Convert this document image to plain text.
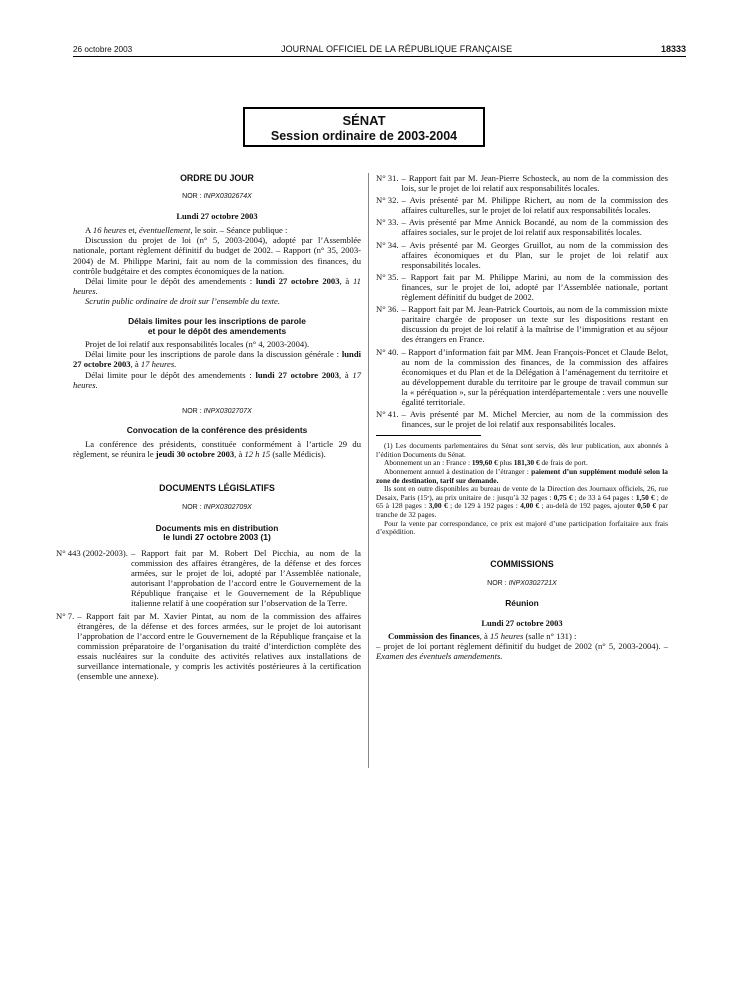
26 octobre 2003	JOURNAL OFFICIEL DE LA RÉPUBLIQUE FRANÇAISE	18333
SÉNAT
Session ordinaire de 2003-2004
ORDRE DU JOUR

NOR : INPX0302674X

Lundi 27 octobre 2003

A 16 heures et, éventuellement, le soir. – Séance publique :

Discussion du projet de loi (n° 5, 2003-2004), adopté par l’Assemblée nationale, portant règlement définitif du budget de 2002. – Rapport (n° 35, 2003-2004) de M. Philippe Marini, fait au nom de la commission des finances, du contrôle budgétaire et des comptes économiques de la nation.

Délai limite pour le dépôt des amendements : lundi 27 octobre 2003, à 11 heures.

Scrutin public ordinaire de droit sur l’ensemble du texte.

Délais limites pour les inscriptions de parole

et pour le dépôt des amendements

Projet de loi relatif aux responsabilités locales (n° 4, 2003-2004).

Délai limite pour les inscriptions de parole dans la discussion générale : lundi 27 octobre 2003, à 17 heures.

Délai limite pour le dépôt des amendements : lundi 27 octobre 2003, à 17 heures.

NOR : INPX0302707X

Convocation de la conférence des présidents

La conférence des présidents, constituée conformément à l’article 29 du règlement, se réunira le jeudi 30 octobre 2003, à 12 h 15 (salle Médicis).

DOCUMENTS LÉGISLATIFS

NOR : INPX0302709X

Documents mis en distribution

le lundi 27 octobre 2003 (1)

N° 443 (2002-2003). – Rapport fait par M. Robert Del Picchia, au nom de la commission des affaires étrangères, de la défense et des forces armées, sur le projet de loi, adopté par l’Assemblée nationale, autorisant l’approbation de l’accord entre le Gouvernement de la République française et le Gouvernement de la République italienne relatif à une coopération sur l’observation de la Terre.
N° 7. – Rapport fait par M. Xavier Pintat, au nom de la commission des affaires étrangères, de la défense et des forces armées, sur le projet de loi autorisant l’approbation de l’accord entre le Gouvernement de la République française et la commission préparatoire de l’organisation du traité d’interdiction complète des essais nucléaires sur la conduite des activités relatives aux installations de surveillance internationale, y compris les activités postérieures à la certification (ensemble une annexe).
N° 31. – Rapport fait par M. Jean-Pierre Schosteck, au nom de la commission des lois, sur le projet de loi relatif aux responsabilités locales.
N° 32. – Avis présenté par M. Philippe Richert, au nom de la commission des affaires culturelles, sur le projet de loi relatif aux responsabilités locales.
N° 33. – Avis présenté par Mme Annick Bocandé, au nom de la commission des affaires sociales, sur le projet de loi relatif aux responsabilités locales.
N° 34. – Avis présenté par M. Georges Gruillot, au nom de la commission des affaires économiques et du Plan, sur le projet de loi relatif aux responsabilités locales.
N° 35. – Rapport fait par M. Philippe Marini, au nom de la commission des finances, sur le projet de loi, adopté par l’Assemblée nationale, portant règlement définitif du budget de 2002.
N° 36. – Rapport fait par M. Jean-Patrick Courtois, au nom de la commission mixte paritaire chargée de proposer un texte sur les dispositions restant en discussion du projet de loi relatif à la maîtrise de l’immigration et au séjour des étrangers en France.
N° 40. – Rapport d’information fait par MM. Jean François-Poncet et Claude Belot, au nom de la commission des finances, de la commission des affaires économiques et du Plan et de la Délégation à l’aménagement du territoire et au développement durable du territoire par le groupe de travail commun sur la « péréquation », sur la péréquation interdépartementale : vers une nouvelle égalité territoriale.
N° 41. – Avis présenté par M. Michel Mercier, au nom de la commission des finances, sur le projet de loi relatif aux responsabilités locales.

(1) Les documents parlementaires du Sénat sont servis, dès leur publication, aux abonnés à l’édition Documents du Sénat.

Abonnement un an : France : 199,60 € plus 181,30 € de frais de port.

Abonnement annuel à destination de l’étranger : paiement d’un supplément modulé selon la zone de destination, tarif sur demande.

Ils sont en outre disponibles au bureau de vente de la Direction des Journaux officiels, 26, rue Desaix, Paris (15ᵉ), au prix unitaire de : jusqu’à 32 pages : 0,75 € ; de 33 à 64 pages : 1,50 € ; de 65 à 128 pages : 3,00 € ; de 129 à 192 pages : 4,00 € ; au-delà de 192 pages, ajouter 0,50 € par tranche de 32 pages.

Pour la vente par correspondance, ce prix est majoré d’une participation forfaitaire aux frais d’expédition.

COMMISSIONS

NOR : INPX0302721X

Réunion

Lundi 27 octobre 2003

Commission des finances, à 15 heures (salle n° 131) :

– projet de loi portant règlement définitif du budget de 2002 (n° 5, 2003-2004). – Examen des éventuels amendements.
